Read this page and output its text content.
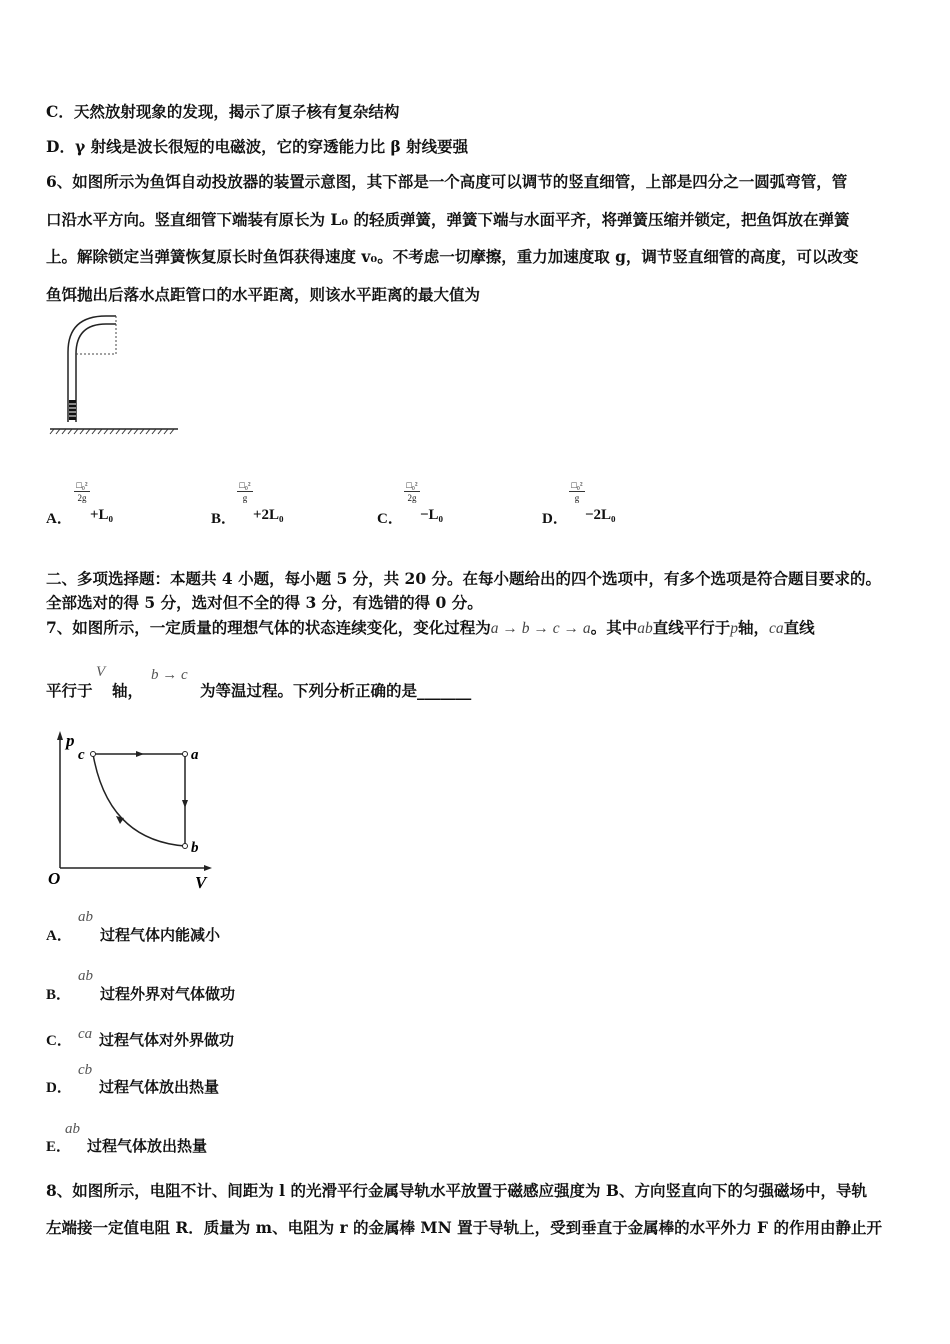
C．天然放射现象的发现，揭示了原子核有复杂结构
D．γ 射线是波长很短的电磁波，它的穿透能力比 β 射线要强
6、如图所示为鱼饵自动投放器的装置示意图，其下部是一个高度可以调节的竖直细管，上部是四分之一圆弧弯管，管
口沿水平方向。竖直细管下端装有原长为 L₀ 的轻质弹簧，弹簧下端与水面平齐，将弹簧压缩并锁定，把鱼饵放在弹簧
上。解除锁定当弹簧恢复原长时鱼饵获得速度 v₀。不考虑一切摩擦，重力加速度取 g，调节竖直细管的高度，可以改变
鱼饵抛出后落水点距管口的水平距离，则该水平距离的最大值为
A．
□₀²
2g
+L₀	B．
□₀²
g
+2L₀	C．
□₀²
2g
−L₀	D．
□₀²
g
−2L₀
二、多项选择题：本题共 4 小题，每小题 5 分，共 20 分。在每小题给出的四个选项中，有多个选项是符合题目要求的。
全部选对的得 5 分，选对但不全的得 3 分，有选错的得 0 分。
7、如图所示，一定质量的理想气体的状态连续变化，变化过程为a → b → c → a。其中ab直线平行于p轴，ca直线
平行于
V
轴，
b → c
为等温过程。下列分析正确的是_______
p
c	a
b
O	V
A．
ab
过程气体内能减小
B．
ab
过程外界对气体做功
C． ca 过程气体对外界做功
D．
cb
过程气体放出热量
E．
ab
过程气体放出热量
8、如图所示，电阻不计、间距为 l 的光滑平行金属导轨水平放置于磁感应强度为 B、方向竖直向下的匀强磁场中，导轨
左端接一定值电阻 R．质量为 m、电阻为 r 的金属棒 MN 置于导轨上，受到垂直于金属棒的水平外力 F 的作用由静止开
